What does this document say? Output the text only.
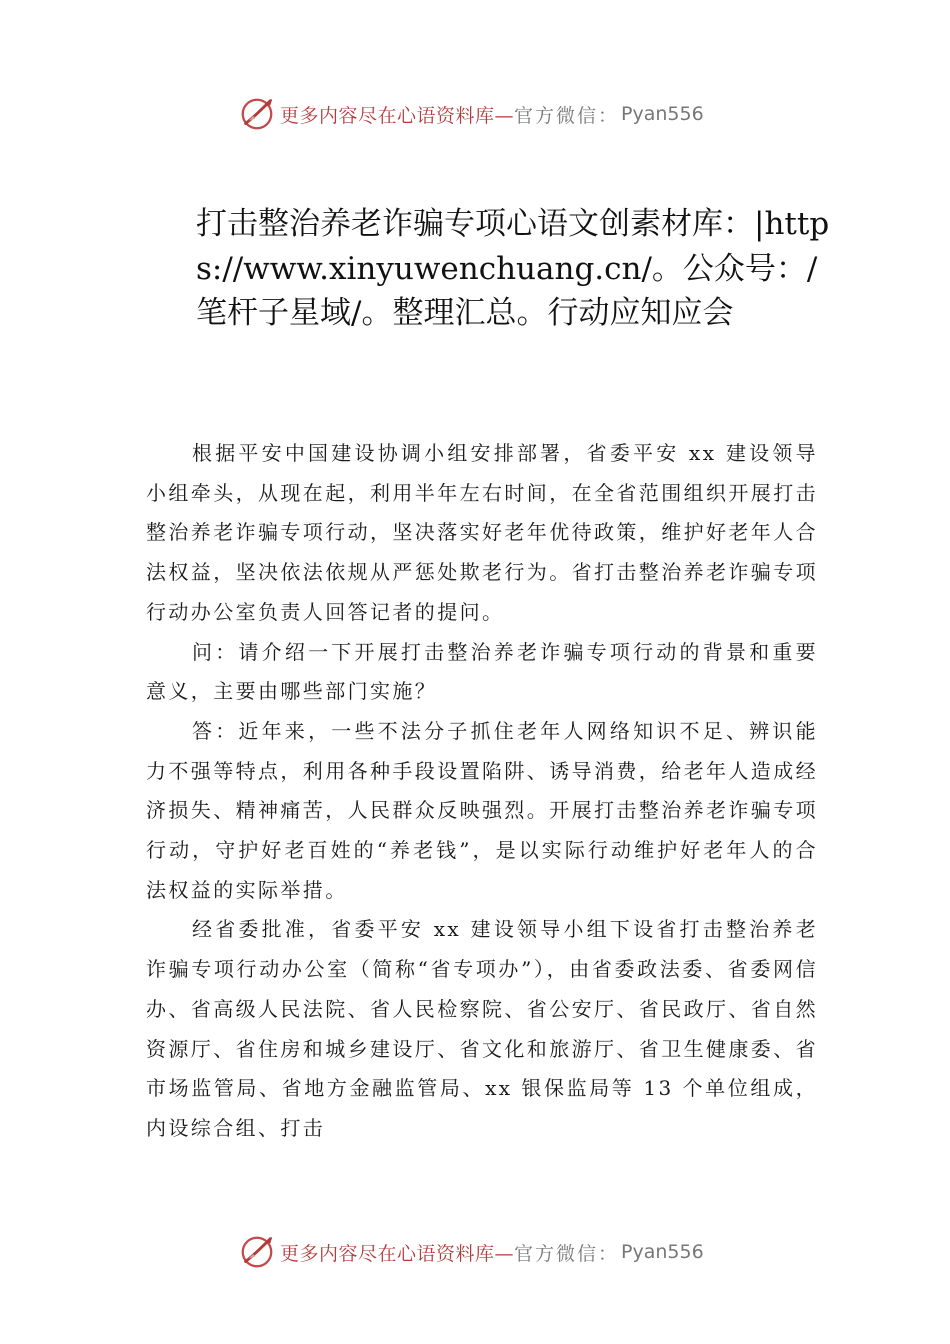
更多内容尽在心语资料库— 官方微信： Pyan556
打击整治养老诈骗专项心语文创素材库：|https://www.xinyuwenchuang.cn/。公众号：/笔杆子星域/。整理汇总。行动应知应会

根据平安中国建设协调小组安排部署，省委平安 xx 建设领导小组牵头，从现在起，利用半年左右时间，在全省范围组织开展打击整治养老诈骗专项行动，坚决落实好老年优待政策，维护好老年人合法权益，坚决依法依规从严惩处欺老行为。省打击整治养老诈骗专项行动办公室负责人回答记者的提问。

问：请介绍一下开展打击整治养老诈骗专项行动的背景和重要意义，主要由哪些部门实施？

答：近年来，一些不法分子抓住老年人网络知识不足、辨识能力不强等特点，利用各种手段设置陷阱、诱导消费，给老年人造成经济损失、精神痛苦，人民群众反映强烈。开展打击整治养老诈骗专项行动，守护好老百姓的“养老钱”，是以实际行动维护好老年人的合法权益的实际举措。

经省委批准，省委平安 xx 建设领导小组下设省打击整治养老诈骗专项行动办公室（简称“省专项办”），由省委政法委、省委网信办、省高级人民法院、省人民检察院、省公安厅、省民政厅、省自然资源厅、省住房和城乡建设厅、省文化和旅游厅、省卫生健康委、省市场监管局、省地方金融监管局、xx 银保监局等 13 个单位组成，内设综合组、打击

更多内容尽在心语资料库— 官方微信： Pyan556
